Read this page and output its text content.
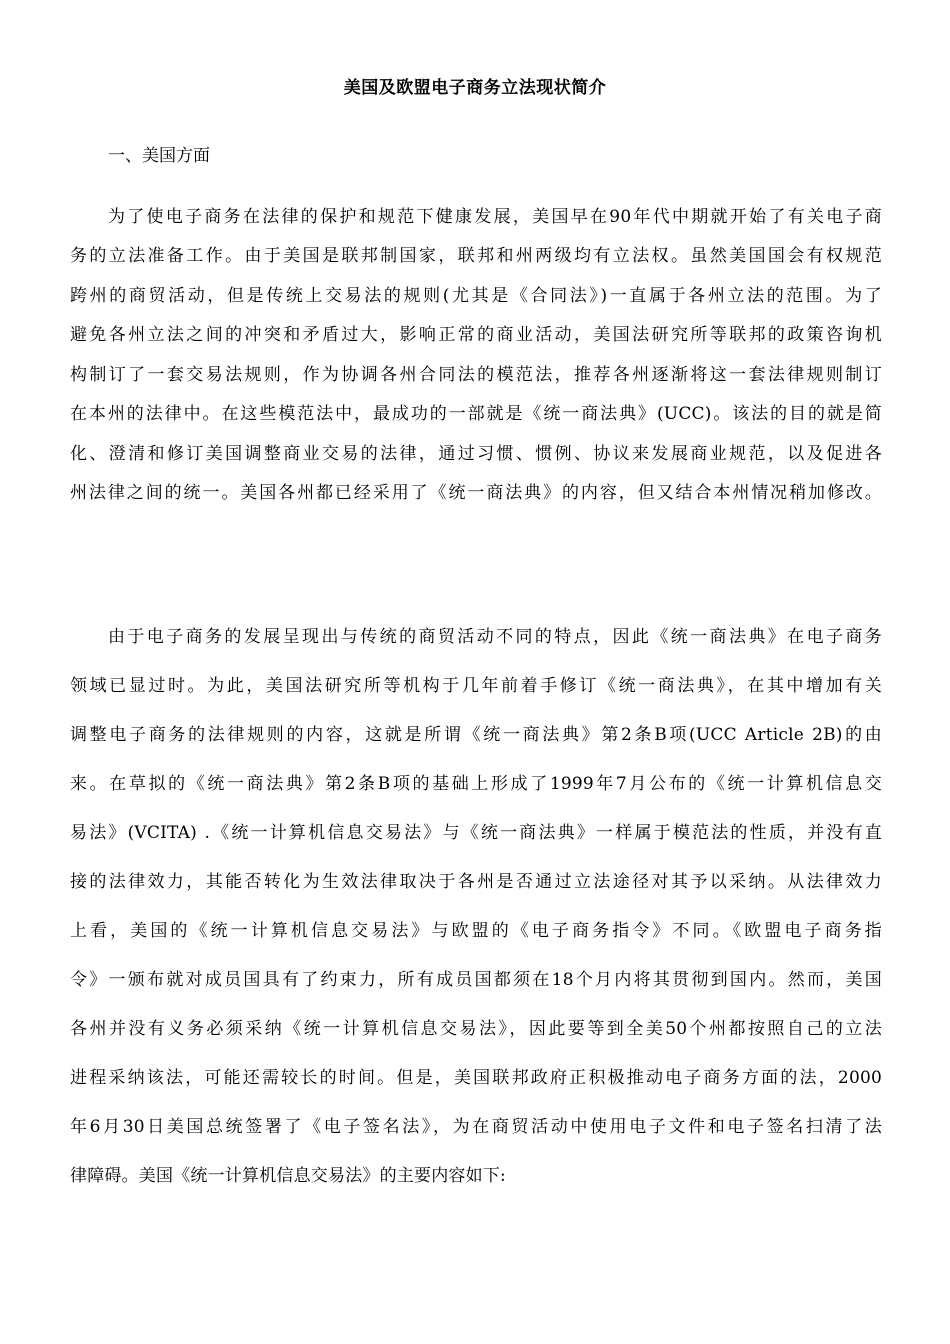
美国及欧盟电子商务立法现状简介
一、美国方面
为了使电子商务在法律的保护和规范下健康发展，美国早在90年代中期就开始了有关电子商
务的立法准备工作。由于美国是联邦制国家，联邦和州两级均有立法权。虽然美国国会有权规范
跨州的商贸活动，但是传统上交易法的规则(尤其是《合同法》)一直属于各州立法的范围。为了
避免各州立法之间的冲突和矛盾过大，影响正常的商业活动，美国法研究所等联邦的政策咨询机
构制订了一套交易法规则，作为协调各州合同法的模范法，推荐各州逐渐将这一套法律规则制订
在本州的法律中。在这些模范法中，最成功的一部就是《统一商法典》(UCC)。该法的目的就是简
化、澄清和修订美国调整商业交易的法律，通过习惯、惯例、协议来发展商业规范，以及促进各
州法律之间的统一。美国各州都已经采用了《统一商法典》的内容，但又结合本州情况稍加修改。
由于电子商务的发展呈现出与传统的商贸活动不同的特点，因此《统一商法典》在电子商务
领域已显过时。为此，美国法研究所等机构于几年前着手修订《统一商法典》，在其中增加有关
调整电子商务的法律规则的内容，这就是所谓《统一商法典》第2条B项(UCC Article 2B)的由
来。在草拟的《统一商法典》第2条B项的基础上形成了1999年7月公布的《统一计算机信息交
易法》(VCITA) .《统一计算机信息交易法》与《统一商法典》一样属于模范法的性质，并没有直
接的法律效力，其能否转化为生效法律取决于各州是否通过立法途径对其予以采纳。从法律效力
上看，美国的《统一计算机信息交易法》与欧盟的《电子商务指令》不同。《欧盟电子商务指
令》一颁布就对成员国具有了约束力，所有成员国都须在18个月内将其贯彻到国内。然而，美国
各州并没有义务必须采纳《统一计算机信息交易法》，因此要等到全美50个州都按照自己的立法
进程采纳该法，可能还需较长的时间。但是，美国联邦政府正积极推动电子商务方面的法，2000
年6月30日美国总统签署了《电子签名法》，为在商贸活动中使用电子文件和电子签名扫清了法
律障碍。美国《统一计算机信息交易法》的主要内容如下:
